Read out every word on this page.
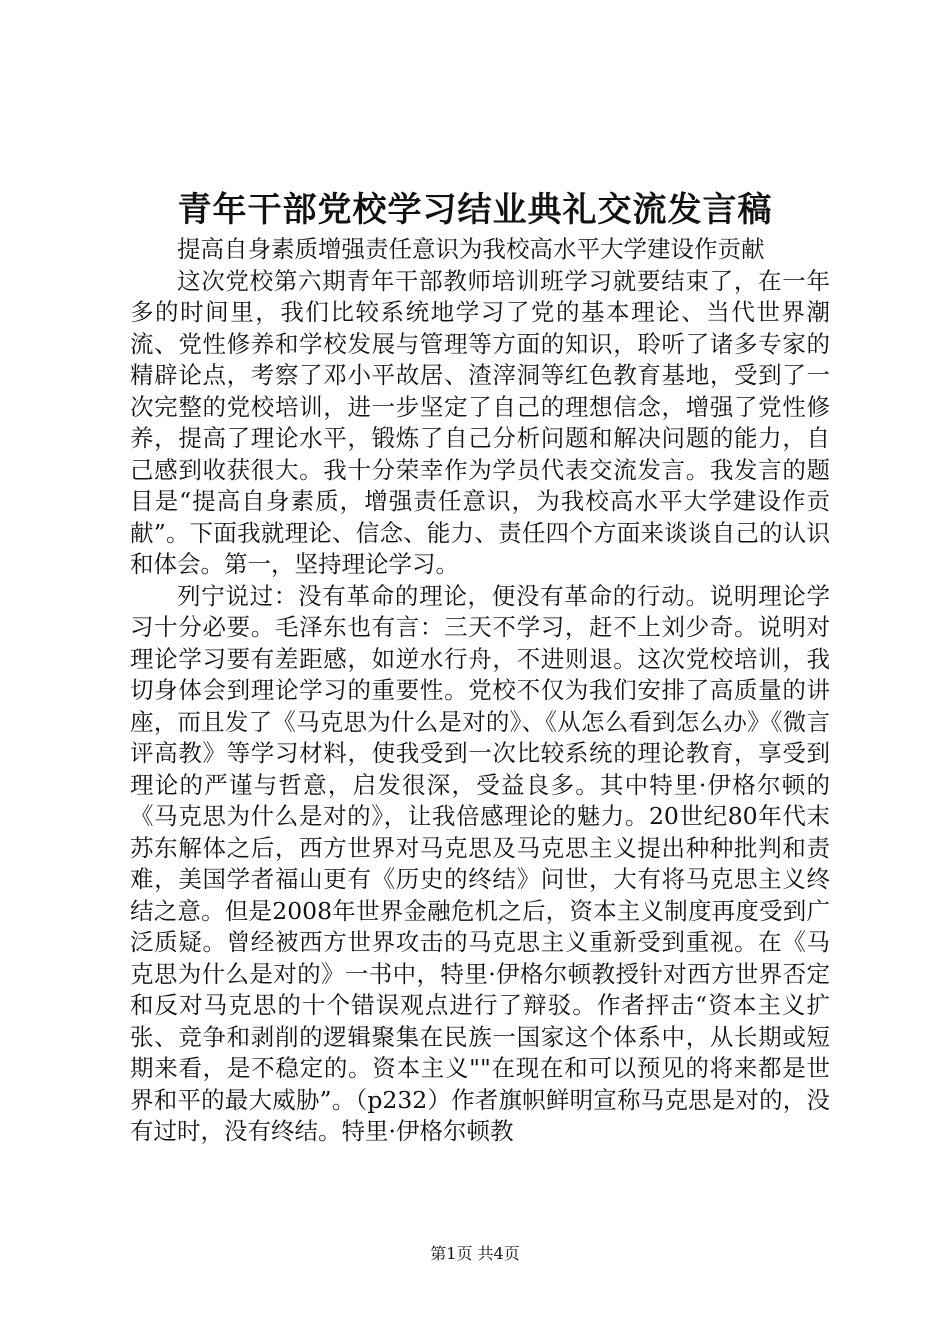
青年干部党校学习结业典礼交流发言稿

提高自身素质增强责任意识为我校高水平大学建设作贡献

这次党校第六期青年干部教师培训班学习就要结束了，在一年多的时间里，我们比较系统地学习了党的基本理论、当代世界潮流、党性修养和学校发展与管理等方面的知识，聆听了诸多专家的精辟论点，考察了邓小平故居、渣滓洞等红色教育基地，受到了一次完整的党校培训，进一步坚定了自己的理想信念，增强了党性修养，提高了理论水平，锻炼了自己分析问题和解决问题的能力，自己感到收获很大。我十分荣幸作为学员代表交流发言。我发言的题目是“提高自身素质，增强责任意识，为我校高水平大学建设作贡献”。下面我就理论、信念、能力、责任四个方面来谈谈自己的认识和体会。第一，坚持理论学习。

列宁说过：没有革命的理论，便没有革命的行动。说明理论学习十分必要。毛泽东也有言：三天不学习，赶不上刘少奇。说明对理论学习要有差距感，如逆水行舟，不进则退。这次党校培训，我切身体会到理论学习的重要性。党校不仅为我们安排了高质量的讲座，而且发了《马克思为什么是对的》、《从怎么看到怎么办》《微言评高教》等学习材料，使我受到一次比较系统的理论教育，享受到理论的严谨与哲意，启发很深，受益良多。其中特里·伊格尔顿的《马克思为什么是对的》，让我倍感理论的魅力。20世纪80年代末苏东解体之后，西方世界对马克思及马克思主义提出种种批判和责难，美国学者福山更有《历史的终结》问世，大有将马克思主义终结之意。但是2008年世界金融危机之后，资本主义制度再度受到广泛质疑。曾经被西方世界攻击的马克思主义重新受到重视。在《马克思为什么是对的》一书中，特里·伊格尔顿教授针对西方世界否定和反对马克思的十个错误观点进行了辩驳。作者抨击“资本主义扩张、竞争和剥削的逻辑聚集在民族一国家这个体系中，从长期或短期来看，是不稳定的。资本主义""在现在和可以预见的将来都是世界和平的最大威胁”。（p232）作者旗帜鲜明宣称马克思是对的，没有过时，没有终结。特里·伊格尔顿教

第1页 共4页
